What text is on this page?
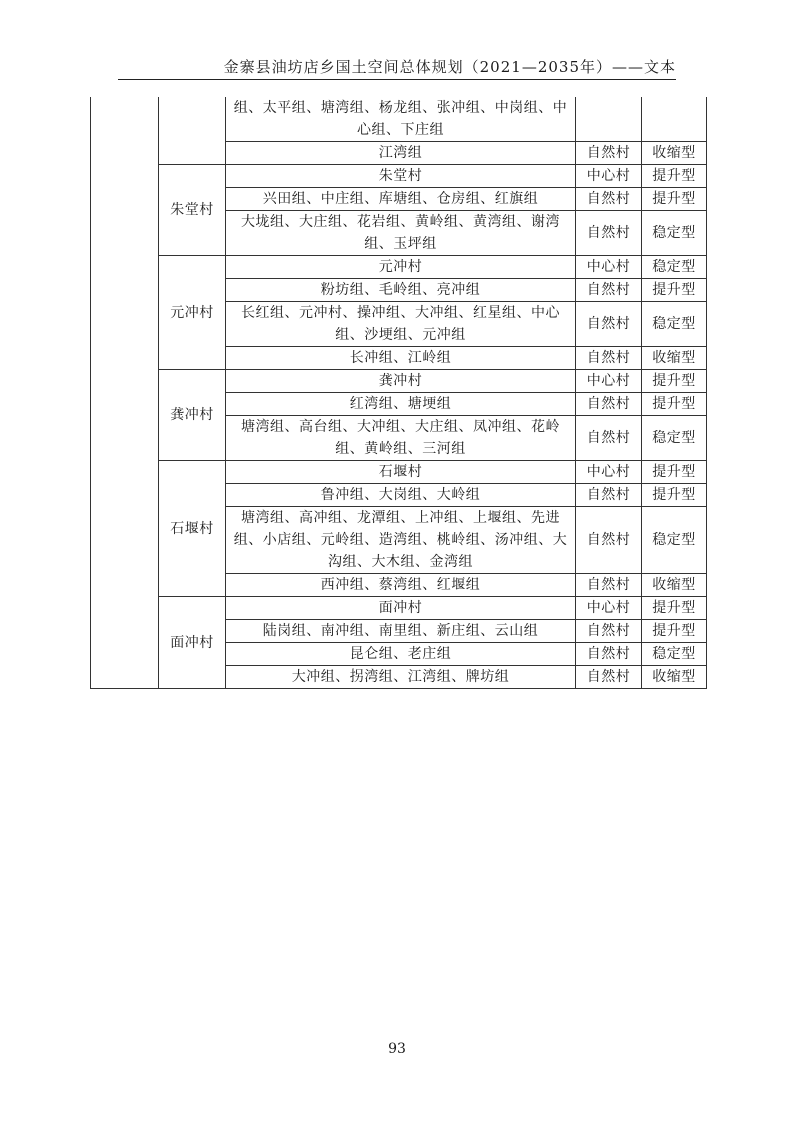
金寨县油坊店乡国土空间总体规划（2021—2035年）——文本
		组、太平组、塘湾组、杨龙组、张冲组、中岗组、中心组、下庄组		
		江湾组	自然村	收缩型
	朱堂村	朱堂村	中心村	提升型
		兴田组、中庄组、库塘组、仓房组、红旗组	自然村	提升型
		大垅组、大庄组、花岩组、黄岭组、黄湾组、谢湾组、玉坪组	自然村	稳定型
	元冲村	元冲村	中心村	稳定型
		粉坊组、毛岭组、亮冲组	自然村	提升型
		长红组、元冲村、操冲组、大冲组、红星组、中心组、沙埂组、元冲组	自然村	稳定型
		长冲组、江岭组	自然村	收缩型
	龚冲村	龚冲村	中心村	提升型
		红湾组、塘埂组	自然村	提升型
		塘湾组、高台组、大冲组、大庄组、凤冲组、花岭组、黄岭组、三河组	自然村	稳定型
	石堰村	石堰村	中心村	提升型
		鲁冲组、大岗组、大岭组	自然村	提升型
		塘湾组、高冲组、龙潭组、上冲组、上堰组、先进组、小店组、元岭组、造湾组、桃岭组、汤冲组、大沟组、大木组、金湾组	自然村	稳定型
		西冲组、蔡湾组、红堰组	自然村	收缩型
	面冲村	面冲村	中心村	提升型
		陆岗组、南冲组、南里组、新庄组、云山组	自然村	提升型
		昆仑组、老庄组	自然村	稳定型
		大冲组、拐湾组、江湾组、牌坊组	自然村	收缩型
93
